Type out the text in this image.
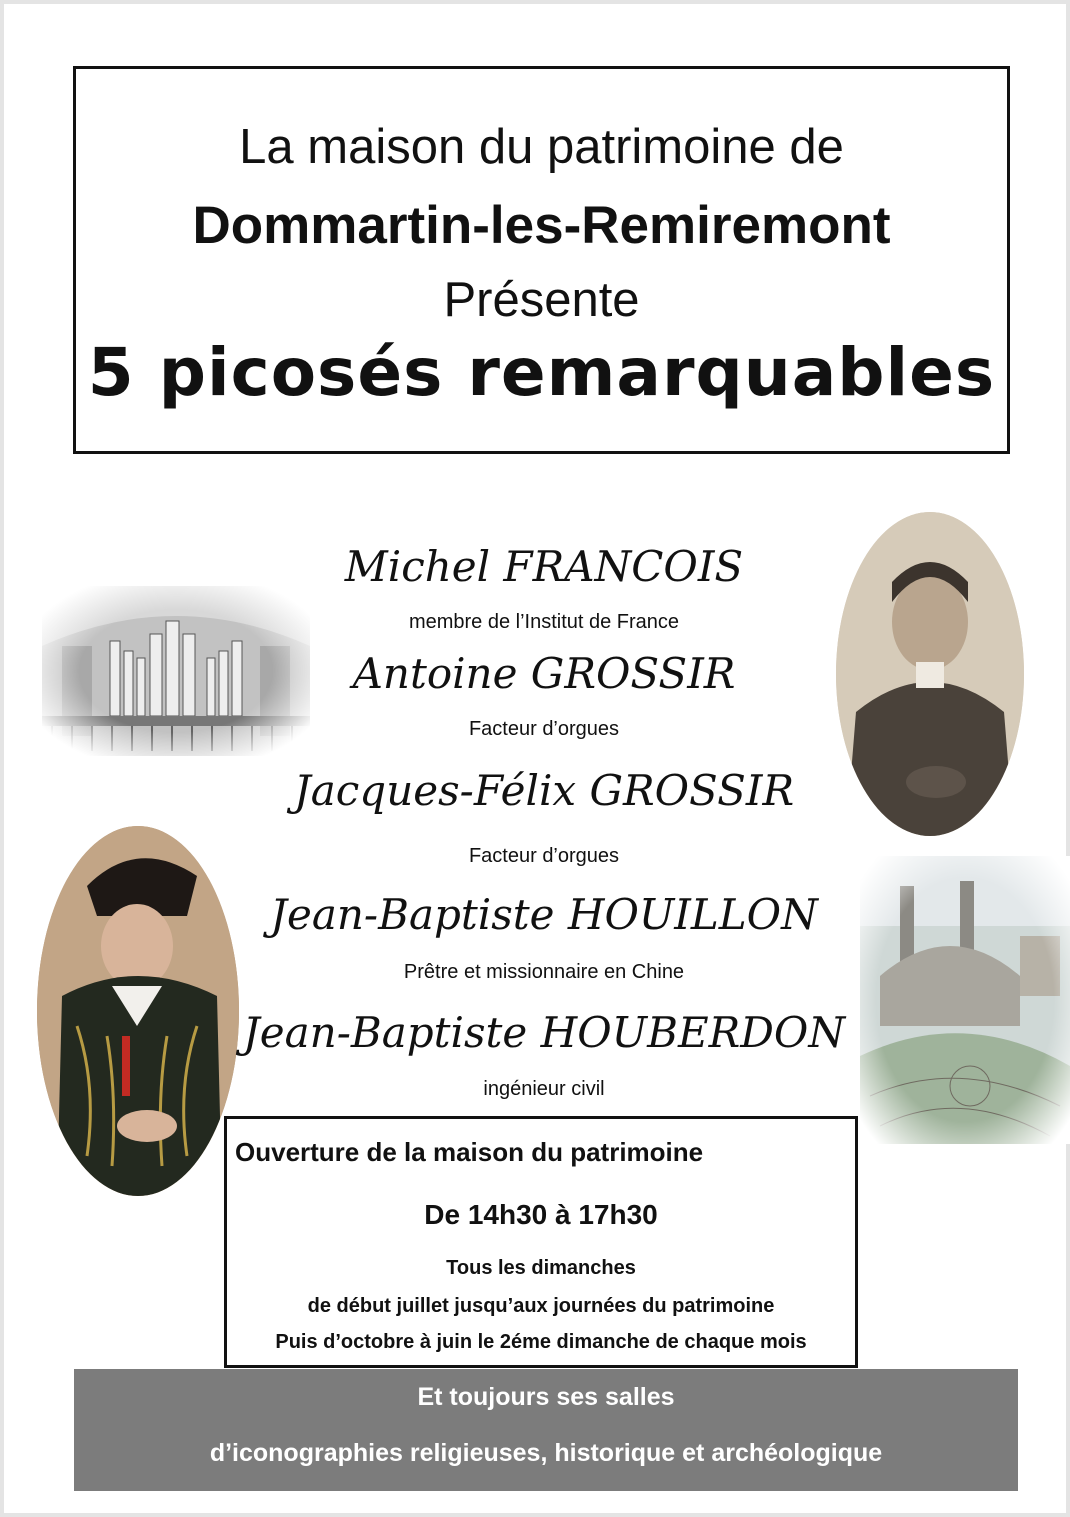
La maison du patrimoine de
Dommartin-les-Remiremont
Présente
5 picosés remarquables
Michel FRANCOIS
membre de l’Institut de France
Antoine GROSSIR
Facteur d’orgues
Jacques-Félix GROSSIR
Facteur d’orgues
Jean-Baptiste HOUILLON
Prêtre et missionnaire en Chine
Jean-Baptiste HOUBERDON
ingénieur civil
Ouverture de la maison du patrimoine
De 14h30 à 17h30
Tous les dimanches
de début juillet jusqu’aux journées du patrimoine
Puis d’octobre à juin le 2éme dimanche de chaque mois
Et toujours ses salles
d’iconographies religieuses, historique et archéologique
